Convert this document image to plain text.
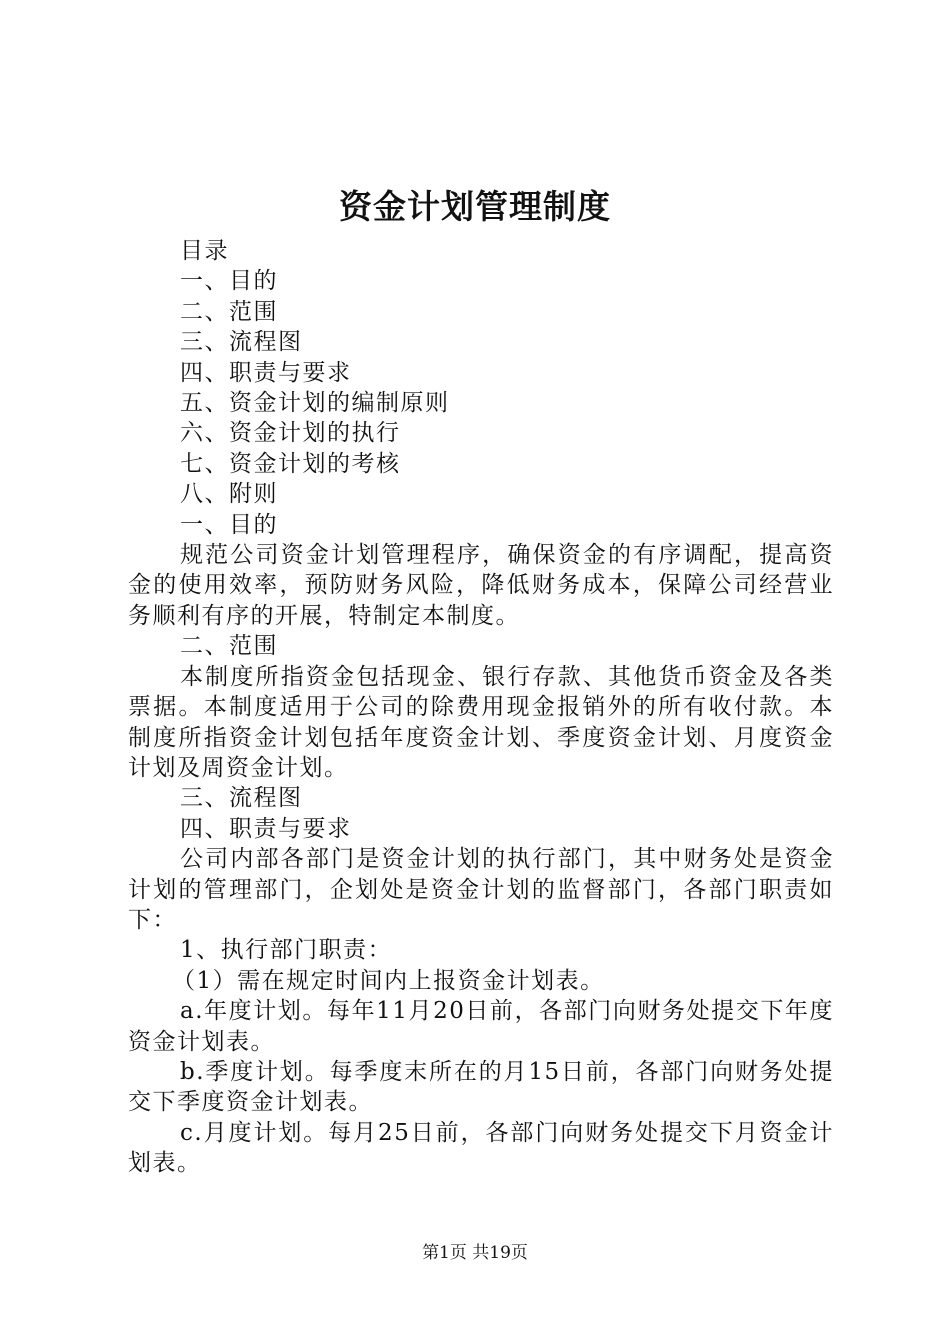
资金计划管理制度

目录

一、目的

二、范围

三、流程图

四、职责与要求

五、资金计划的编制原则

六、资金计划的执行

七、资金计划的考核

八、附则

一、目的

规范公司资金计划管理程序，确保资金的有序调配，提高资金的使用效率，预防财务风险，降低财务成本，保障公司经营业务顺利有序的开展，特制定本制度。

二、范围

本制度所指资金包括现金、银行存款、其他货币资金及各类票据。本制度适用于公司的除费用现金报销外的所有收付款。本制度所指资金计划包括年度资金计划、季度资金计划、月度资金计划及周资金计划。

三、流程图

四、职责与要求

公司内部各部门是资金计划的执行部门，其中财务处是资金计划的管理部门，企划处是资金计划的监督部门，各部门职责如下：

1、执行部门职责：

（1）需在规定时间内上报资金计划表。

a.年度计划。每年11月20日前，各部门向财务处提交下年度资金计划表。

b.季度计划。每季度末所在的月15日前，各部门向财务处提交下季度资金计划表。

c.月度计划。每月25日前，各部门向财务处提交下月资金计划表。

第1页 共19页
